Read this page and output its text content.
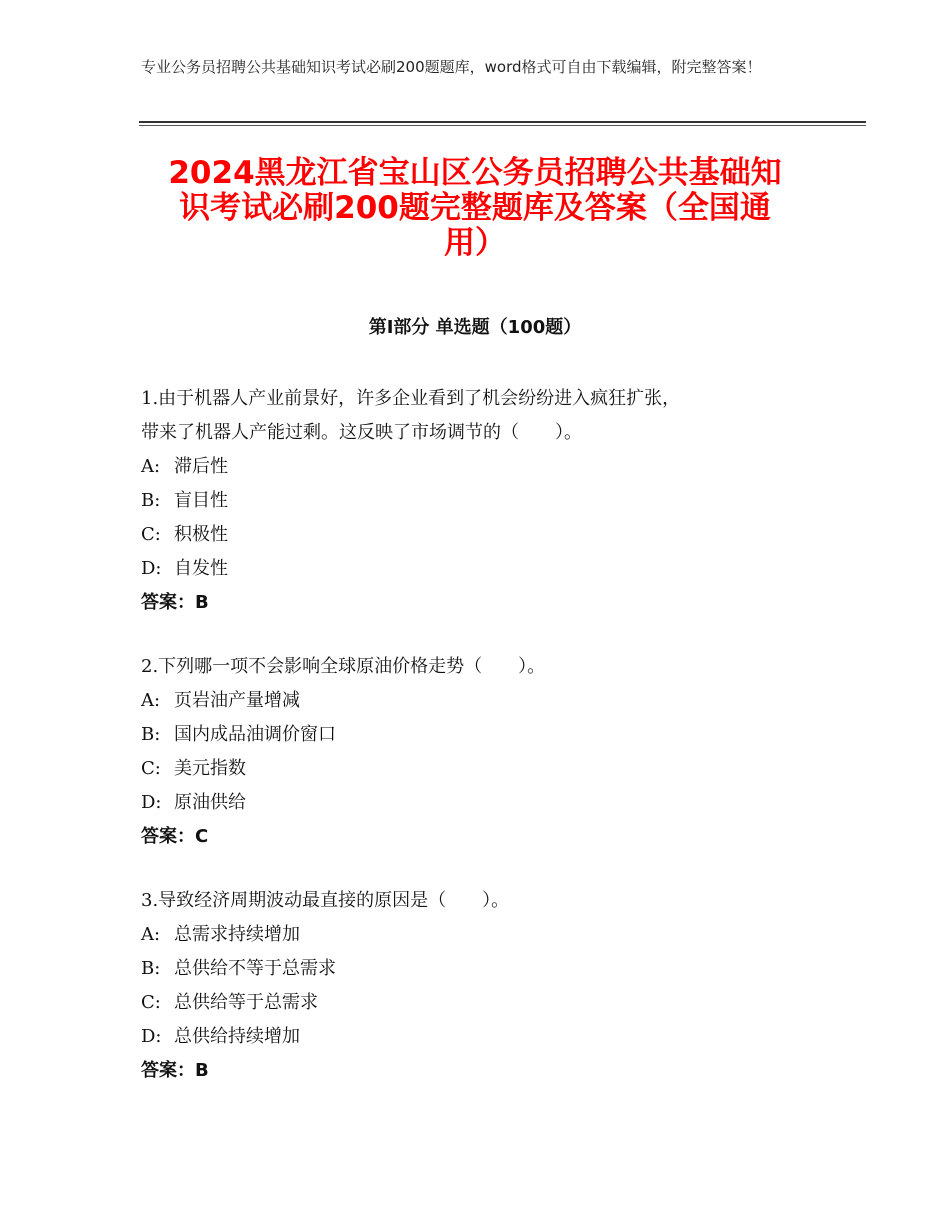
专业公务员招聘公共基础知识考试必刷200题题库，word格式可自由下载编辑，附完整答案！
2024黑龙江省宝山区公务员招聘公共基础知
识考试必刷200题完整题库及答案（全国通
用）
第I部分 单选题（100题）

1.由于机器人产业前景好，许多企业看到了机会纷纷进入疯狂扩张，

带来了机器人产能过剩。这反映了市场调节的（　　）。

A: 滞后性

B: 盲目性

C: 积极性

D: 自发性

答案：B

2.下列哪一项不会影响全球原油价格走势（　　）。

A: 页岩油产量增减

B: 国内成品油调价窗口

C: 美元指数

D: 原油供给

答案：C

3.导致经济周期波动最直接的原因是（　　）。

A: 总需求持续增加

B: 总供给不等于总需求

C: 总供给等于总需求

D: 总供给持续增加

答案：B
